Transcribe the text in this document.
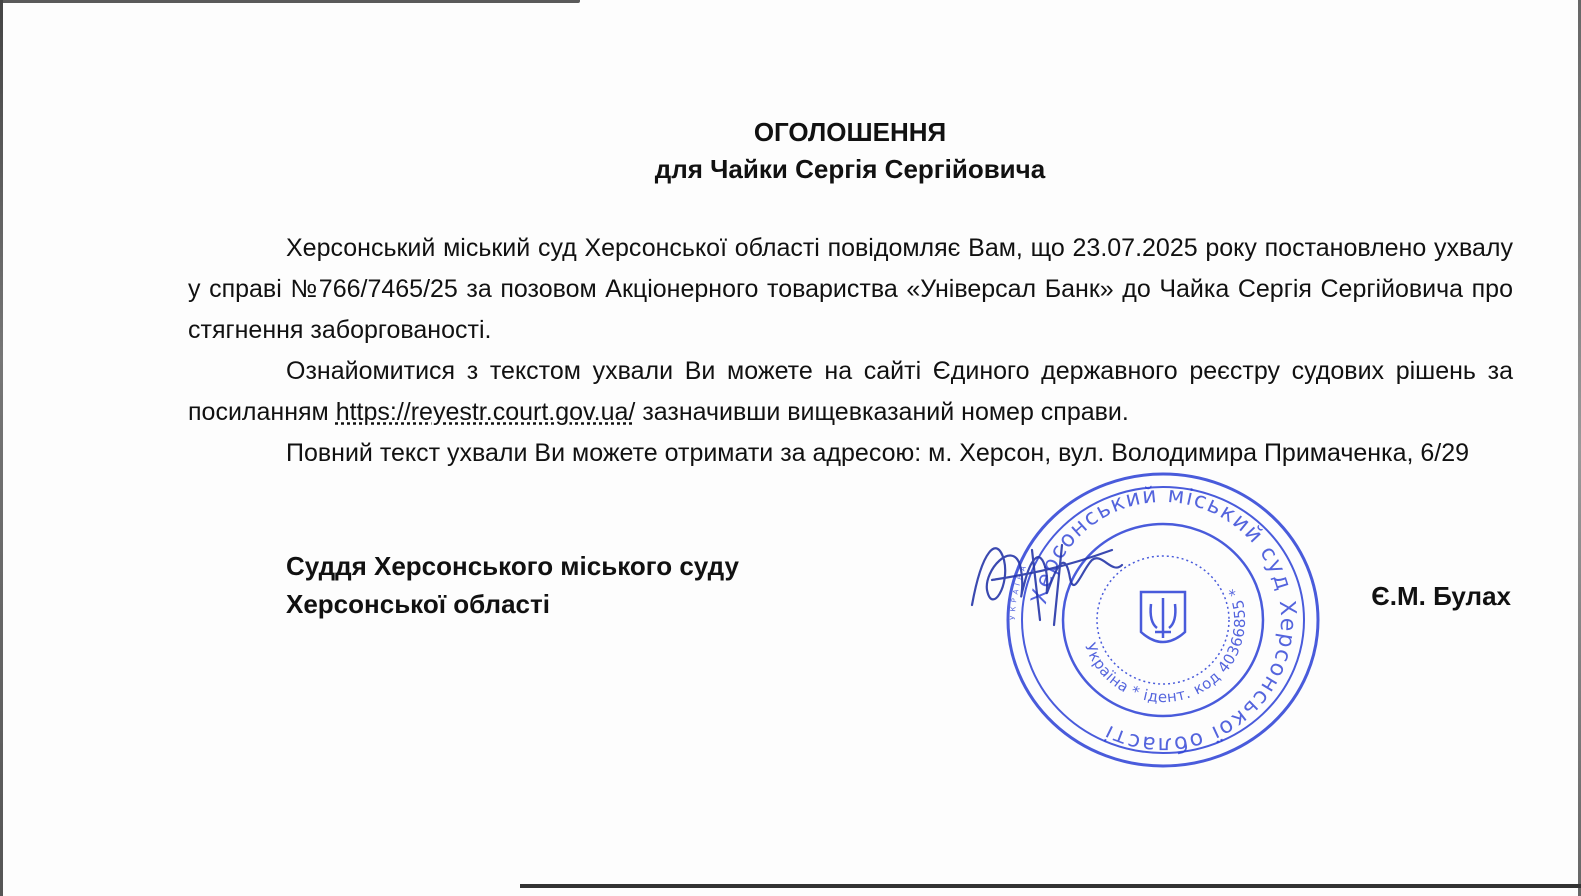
ОГОЛОШЕННЯ
для Чайки Сергія Сергійовича

Херсонський міський суд Херсонської області повідомляє Вам, що 23.07.2025 року постановлено ухвалу у справі №766/7465/25 за позовом Акціонерного товариства «Універсал Банк» до Чайка Сергія Сергійовича про стягнення заборгованості.

Ознайомитися з текстом ухвали Ви можете на сайті Єдиного державного реєстру судових рішень за посиланням https://reyestr.court.gov.ua/ зазначивши вищевказаний номер справи.

Повний текст ухвали Ви можете отримати за адресою: м. Херсон, вул. Володимира Примаченка, 6/29

Суддя Херсонського міського суду
Херсонської області	УКРАЇНА
Херсонський міський суд Херсонської області
Україна * ідент. код 40366855 *	Є.М. Булах
